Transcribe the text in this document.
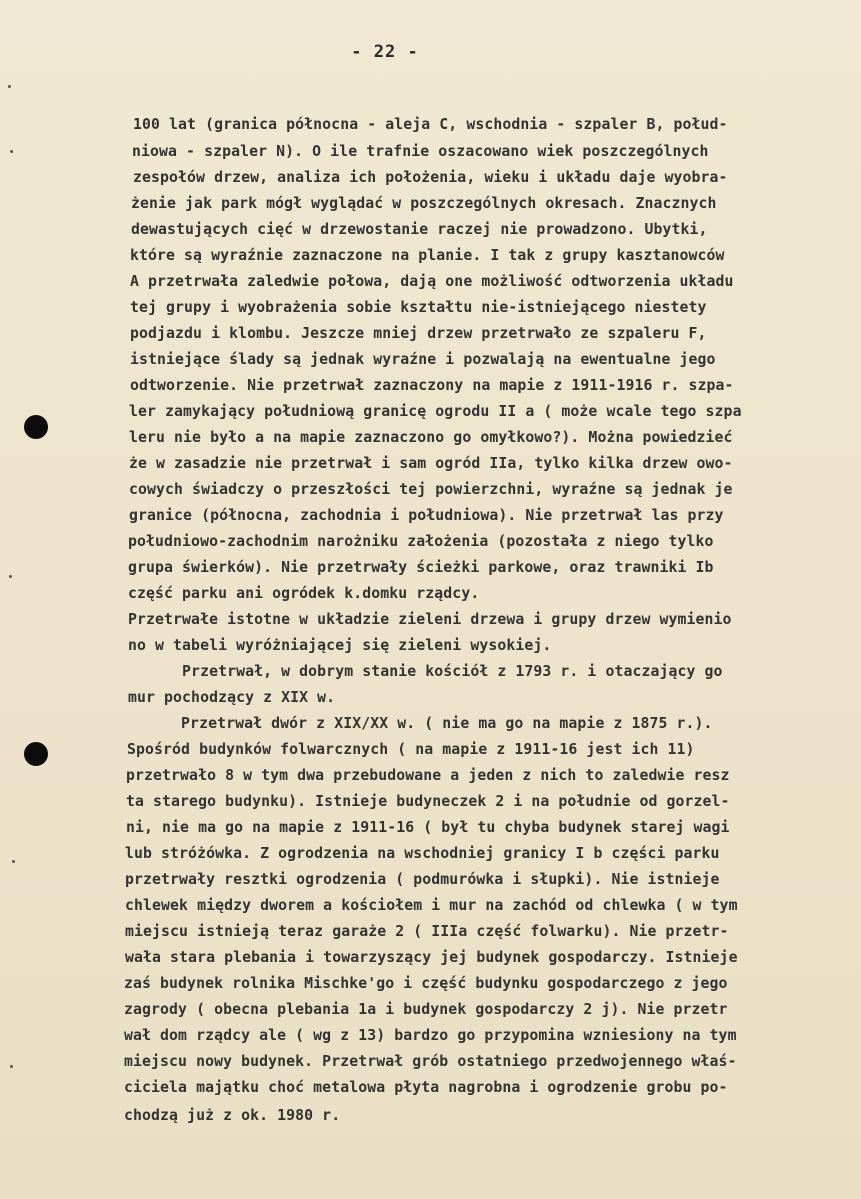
- 22 -
100 lat (granica północna - aleja C, wschodnia - szpaler B, połud-
niowa - szpaler N). O ile trafnie oszacowano wiek poszczególnych
zespołów drzew, analiza ich położenia, wieku i układu daje wyobra-
żenie jak park mógł wyglądać w poszczególnych okresach. Znacznych
dewastujących cięć w drzewostanie raczej nie prowadzono. Ubytki,
które są wyraźnie zaznaczone na planie. I tak z grupy kasztanowców
A przetrwała zaledwie połowa, dają one możliwość odtworzenia układu
tej grupy i wyobrażenia sobie kształtu nie-istniejącego niestety
podjazdu i klombu. Jeszcze mniej drzew przetrwało ze szpaleru F,
istniejące ślady są jednak wyraźne i pozwalają na ewentualne jego
odtworzenie. Nie przetrwał zaznaczony na mapie z 1911-1916 r. szpa-
ler zamykający południową granicę ogrodu II a ( może wcale tego szpa
leru nie było a na mapie zaznaczono go omyłkowo?). Można powiedzieć
że w zasadzie nie przetrwał i sam ogród IIa, tylko kilka drzew owo-
cowych świadczy o przeszłości tej powierzchni, wyraźne są jednak je
granice (północna, zachodnia i południowa). Nie przetrwał las przy
południowo-zachodnim narożniku założenia (pozostała z niego tylko
grupa świerków). Nie przetrwały ścieżki parkowe, oraz trawniki Ib
część parku ani ogródek k.domku rządcy.
Przetrwałe istotne w układzie zieleni drzewa i grupy drzew wymienio
no w tabeli wyróżniającej się zieleni wysokiej.
Przetrwał, w dobrym stanie kościół z 1793 r. i otaczający go
mur pochodzący z XIX w.
Przetrwał dwór z XIX/XX w. ( nie ma go na mapie z 1875 r.).
Spośród budynków folwarcznych ( na mapie z 1911-16 jest ich 11)
przetrwało 8 w tym dwa przebudowane a jeden z nich to zaledwie resz
ta starego budynku). Istnieje budyneczek 2 i na południe od gorzel-
ni, nie ma go na mapie z 1911-16 ( był tu chyba budynek starej wagi
lub stróżówka. Z ogrodzenia na wschodniej granicy I b części parku
przetrwały resztki ogrodzenia ( podmurówka i słupki). Nie istnieje
chlewek między dworem a kościołem i mur na zachód od chlewka ( w tym
miejscu istnieją teraz garaże 2 ( IIIa część folwarku). Nie przetr-
wała stara plebania i towarzyszący jej budynek gospodarczy. Istnieje
zaś budynek rolnika Mischke'go i część budynku gospodarczego z jego
zagrody ( obecna plebania 1a i budynek gospodarczy 2 j). Nie przetr
wał dom rządcy ale ( wg z 13) bardzo go przypomina wzniesiony na tym
miejscu nowy budynek. Przetrwał grób ostatniego przedwojennego właś-
ciciela majątku choć metalowa płyta nagrobna i ogrodzenie grobu po-
chodzą już z ok. 1980 r.
